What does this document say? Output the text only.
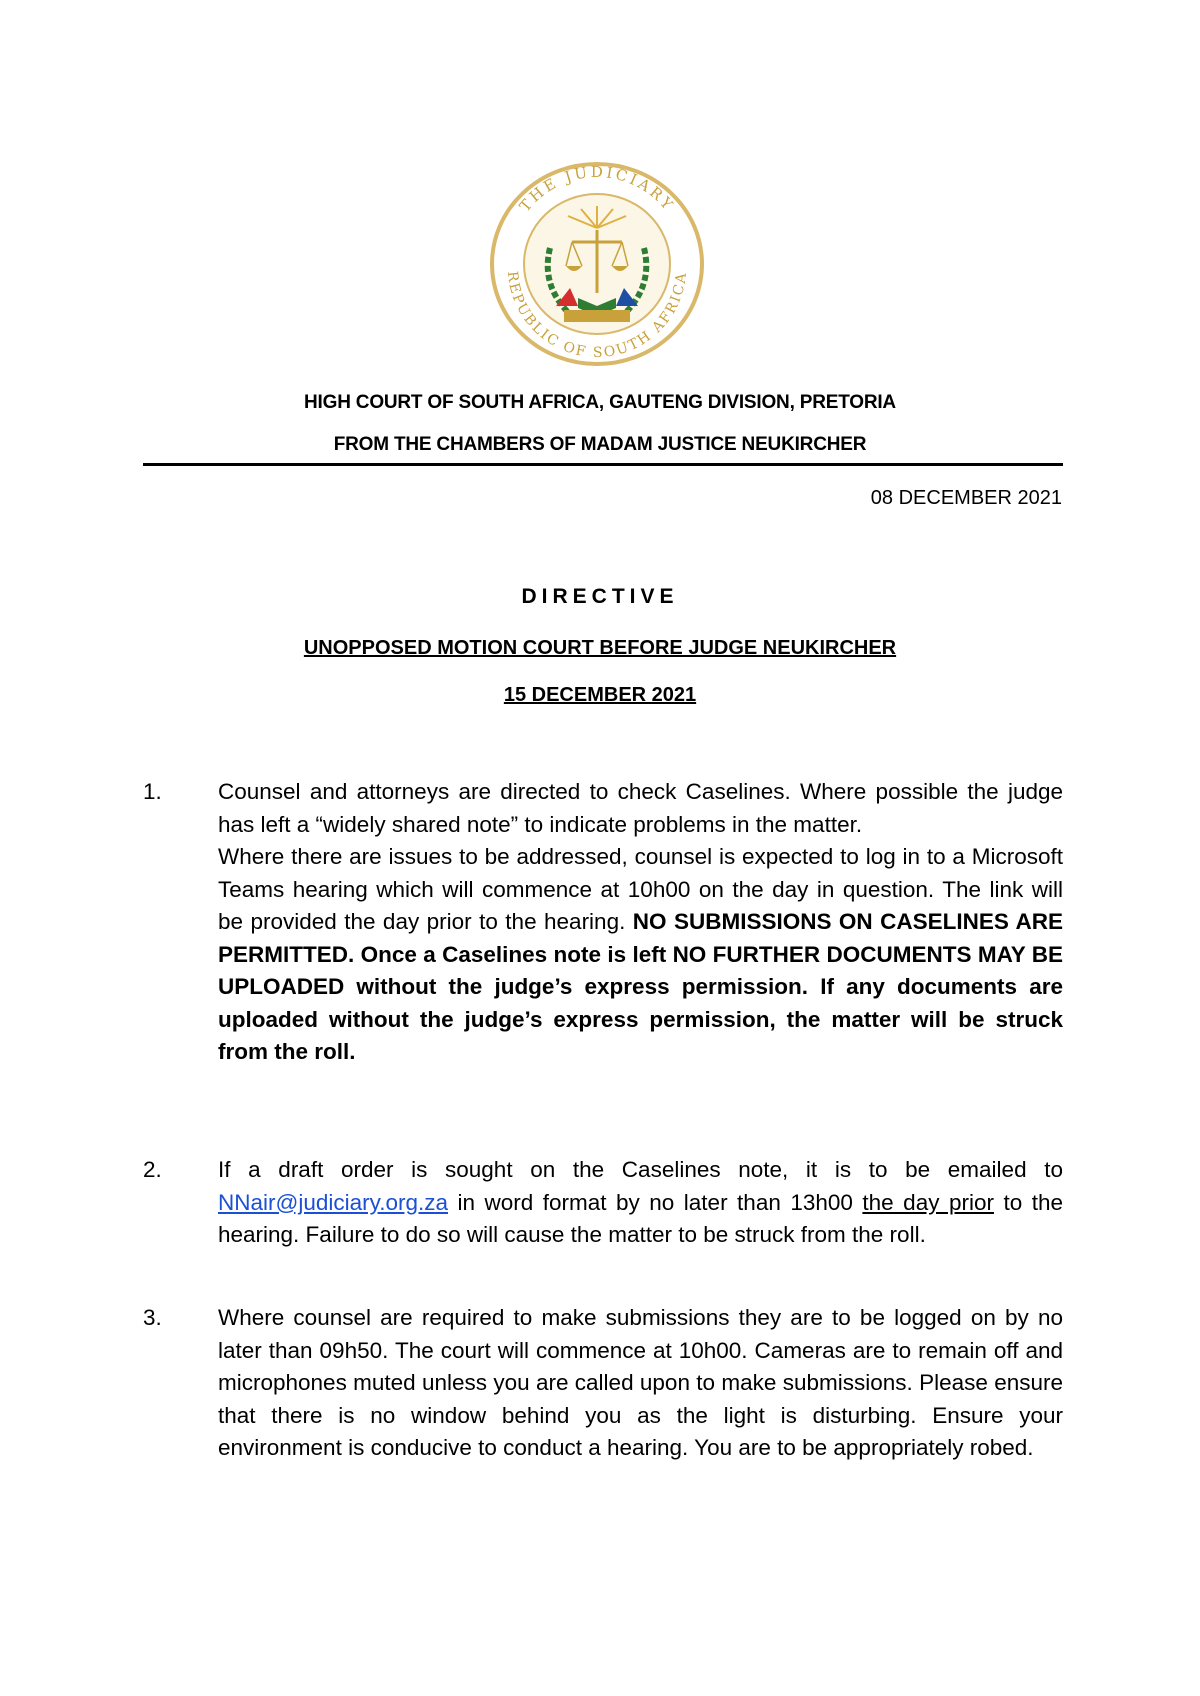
THE JUDICIARY
REPUBLIC OF SOUTH AFRICA
HIGH COURT OF SOUTH AFRICA, GAUTENG DIVISION, PRETORIA
FROM THE CHAMBERS OF MADAM JUSTICE NEUKIRCHER
08 DECEMBER 2021
DIRECTIVE
UNOPPOSED MOTION COURT BEFORE JUDGE NEUKIRCHER
15 DECEMBER 2021
1. Counsel and attorneys are directed to check Caselines. Where possible the judge has left a “widely shared note” to indicate problems in the matter.
Where there are issues to be addressed, counsel is expected to log in to a Microsoft Teams hearing which will commence at 10h00 on the day in question. The link will be provided the day prior to the hearing. NO SUBMISSIONS ON CASELINES ARE PERMITTED. Once a Caselines note is left NO FURTHER DOCUMENTS MAY BE UPLOADED without the judge’s express permission. If any documents are uploaded without the judge’s express permission, the matter will be struck from the roll.
2. If a draft order is sought on the Caselines note, it is to be emailed to NNair@judiciary.org.za in word format by no later than 13h00 the day prior to the hearing. Failure to do so will cause the matter to be struck from the roll.
3. Where counsel are required to make submissions they are to be logged on by no later than 09h50. The court will commence at 10h00. Cameras are to remain off and microphones muted unless you are called upon to make submissions. Please ensure that there is no window behind you as the light is disturbing. Ensure your environment is conducive to conduct a hearing. You are to be appropriately robed.
